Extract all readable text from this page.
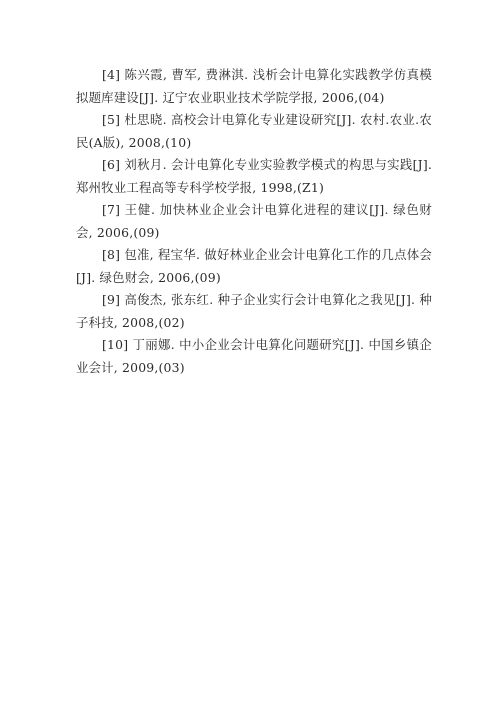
[4] 陈兴霞, 曹军, 费淋淇. 浅析会计电算化实践教学仿真模拟题库建设[J]. 辽宁农业职业技术学院学报, 2006,(04)

[5] 杜思晓. 高校会计电算化专业建设研究[J]. 农村.农业.农民(A版), 2008,(10)

[6] 刘秋月. 会计电算化专业实验教学模式的构思与实践[J]. 郑州牧业工程高等专科学校学报, 1998,(Z1)

[7] 王健. 加快林业企业会计电算化进程的建议[J]. 绿色财会, 2006,(09)

[8] 包准, 程宝华. 做好林业企业会计电算化工作的几点体会[J]. 绿色财会, 2006,(09)

[9] 高俊杰, 张东红. 种子企业实行会计电算化之我见[J]. 种子科技, 2008,(02)

[10] 丁丽娜. 中小企业会计电算化问题研究[J]. 中国乡镇企业会计, 2009,(03)
